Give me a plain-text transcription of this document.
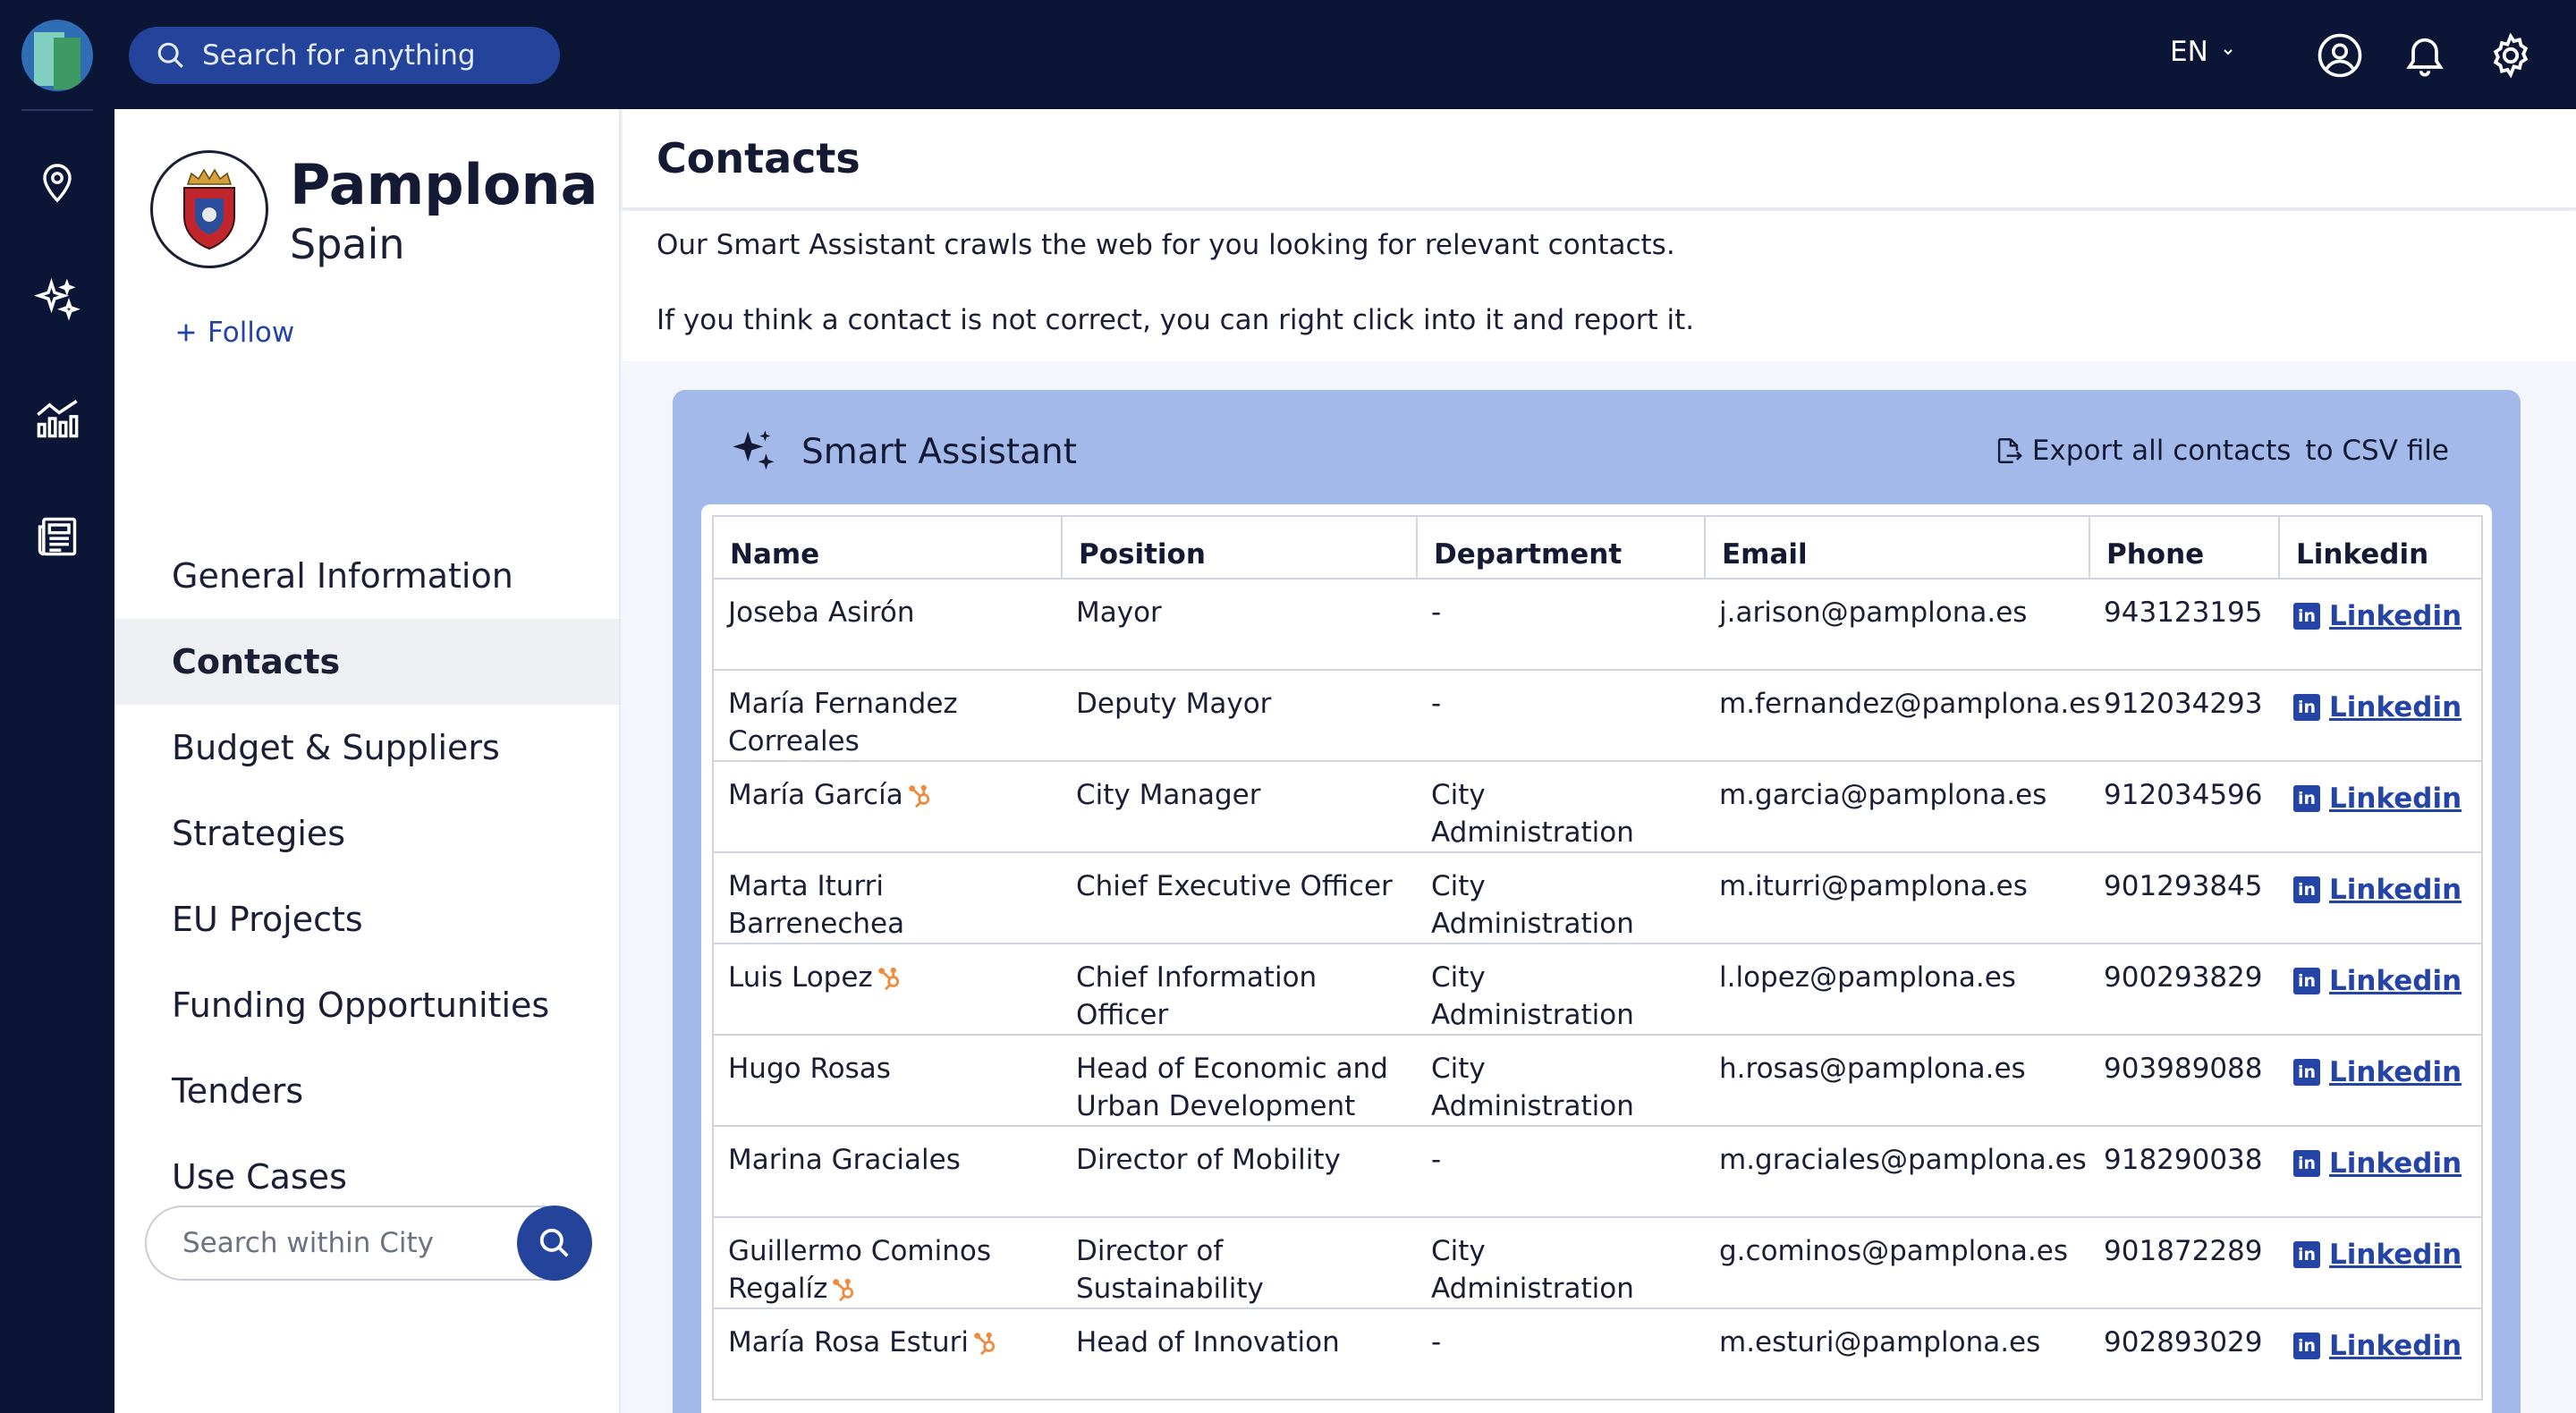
Search for anything	EN
Pamplona
Spain
Follow
General Information
Contacts
Budget & Suppliers
Strategies
EU Projects
Funding Opportunities
Tenders
Use Cases
Search within City
Contacts
Our Smart Assistant crawls the web for you looking for relevant contacts.
If you think a contact is not correct, you can right click into it and report it.
Smart Assistant	Export all contacts to CSV file
Name	Position	Department	Email	Phone	Linkedin
Joseba Asirón	Mayor	-	j.arison@pamplona.es	943123195	in Linkedin

María Fernandez Correales	Deputy Mayor	-	m.fernandez@pamplona.es	912034293	in Linkedin

María García	City Manager	City Administration	m.garcia@pamplona.es	912034596	in Linkedin

Marta Iturri Barrenechea	Chief Executive Officer	City Administration	m.iturri@pamplona.es	901293845	in Linkedin

Luis Lopez	Chief Information Officer	City Administration	l.lopez@pamplona.es	900293829	in Linkedin

Hugo Rosas	Head of Economic and Urban Development	City Administration	h.rosas@pamplona.es	903989088	in Linkedin

Marina Graciales	Director of Mobility	-	m.graciales@pamplona.es	918290038	in Linkedin

Guillermo Cominos Regalíz	Director of Sustainability	City Administration	g.cominos@pamplona.es	901872289	in Linkedin

María Rosa Esturi	Head of Innovation	-	m.esturi@pamplona.es	902893029	in Linkedin
